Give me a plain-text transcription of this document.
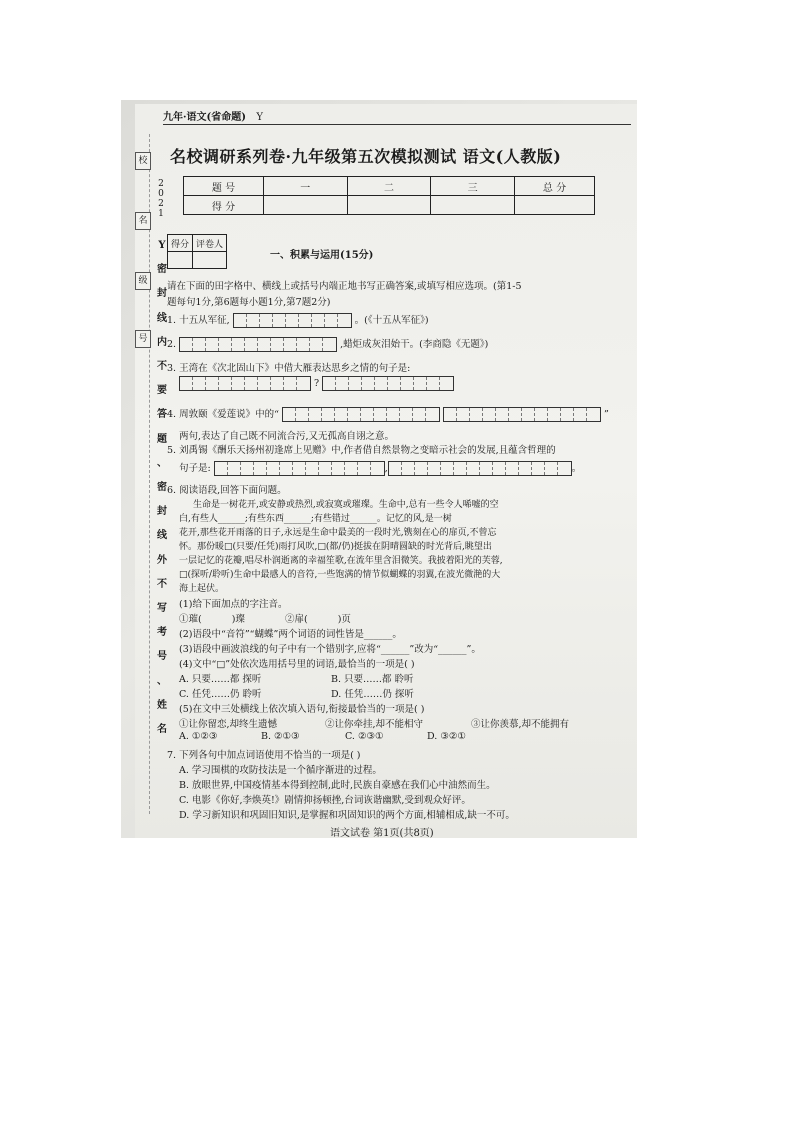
校
名
级
号
2021
Y
密
封
线
内
不
要
答
题
、
密
封
线
外
不
写
考
号
、
姓
名
九年·语文(省命题) Y
名校调研系列卷·九年级第五次模拟测试 语文(人教版)
题 号	一	二	三	总 分
得 分				
得分	评卷人

一、积累与运用(15分)
请在下面的田字格中、横线上或括号内端正地书写正确答案,或填写相应选项。(第1-5
题每句1分,第6题每小题1分,第7题2分)
1. 十五从军征,	。(《十五从军征》)
2.	,蜡炬成灰泪始干。(李商隐《无题》)
3. 王湾在《次北固山下》中借大雁表达思乡之情的句子是:
?
4. 周敦颐《爱莲说》中的“	”
两句,表达了自己既不同流合污,又无孤高自诩之意。
5. 刘禹锡《酬乐天扬州初逢席上见赠》中,作者借自然景物之变暗示社会的发展,且蕴含哲理的
句子是:	,	。
6. 阅读语段,回答下面问题。
生命是一树花开,或安静或热烈,或寂寞或璀璨。生命中,总有一些令人唏嘘的空
白,有些人______;有些东西______;有些错过______。记忆的风,是一树
花开,那些花开雨落的日子,永远是生命中最美的一段时光,镌刻在心的扉页,不曾忘
怀。那份暖□(只要/任凭)雨打风吹,□(都/仍)挺拔在阴晴圆缺的时光背后,眺望出
一层记忆的花瓣,唱尽朴润逝离的幸福笙歌,在流年里含泪微笑。我披着阳光的芙蓉,
□(探听/聆听)生命中最感人的音符,一些饱满的情节似蝴蝶的羽翼,在波光微滟的大
海上起伏。
(1)给下面加点的字注音。
①璀(	)璨	②扉(	)页
(2)语段中“音符”“蝴蝶”两个词语的词性皆是______。
(3)语段中画波浪线的句子中有一个错别字,应将“______”改为“______”。
(4)文中“□”处依次选用括号里的词语,最恰当的一项是( )
A. 只要……都 探听	B. 只要……都 聆听
C. 任凭……仍 聆听	D. 任凭……仍 探听
(5)在文中三处横线上依次填入语句,衔接最恰当的一项是( )
①让你留恋,却终生遗憾	②让你牵挂,却不能相守	③让你羡慕,却不能拥有
A. ①②③	B. ②①③	C. ②③①	D. ③②①
7. 下列各句中加点词语使用不恰当的一项是( )
A. 学习围棋的攻防技法是一个循序渐进的过程。
B. 放眼世界,中国疫情基本得到控制,此时,民族自豪感在我们心中油然而生。
C. 电影《你好,李焕英!》剧情抑扬顿挫,台词诙谐幽默,受到观众好评。
D. 学习新知识和巩固旧知识,是掌握和巩固知识的两个方面,相辅相成,缺一不可。
语文试卷 第1页(共8页)
